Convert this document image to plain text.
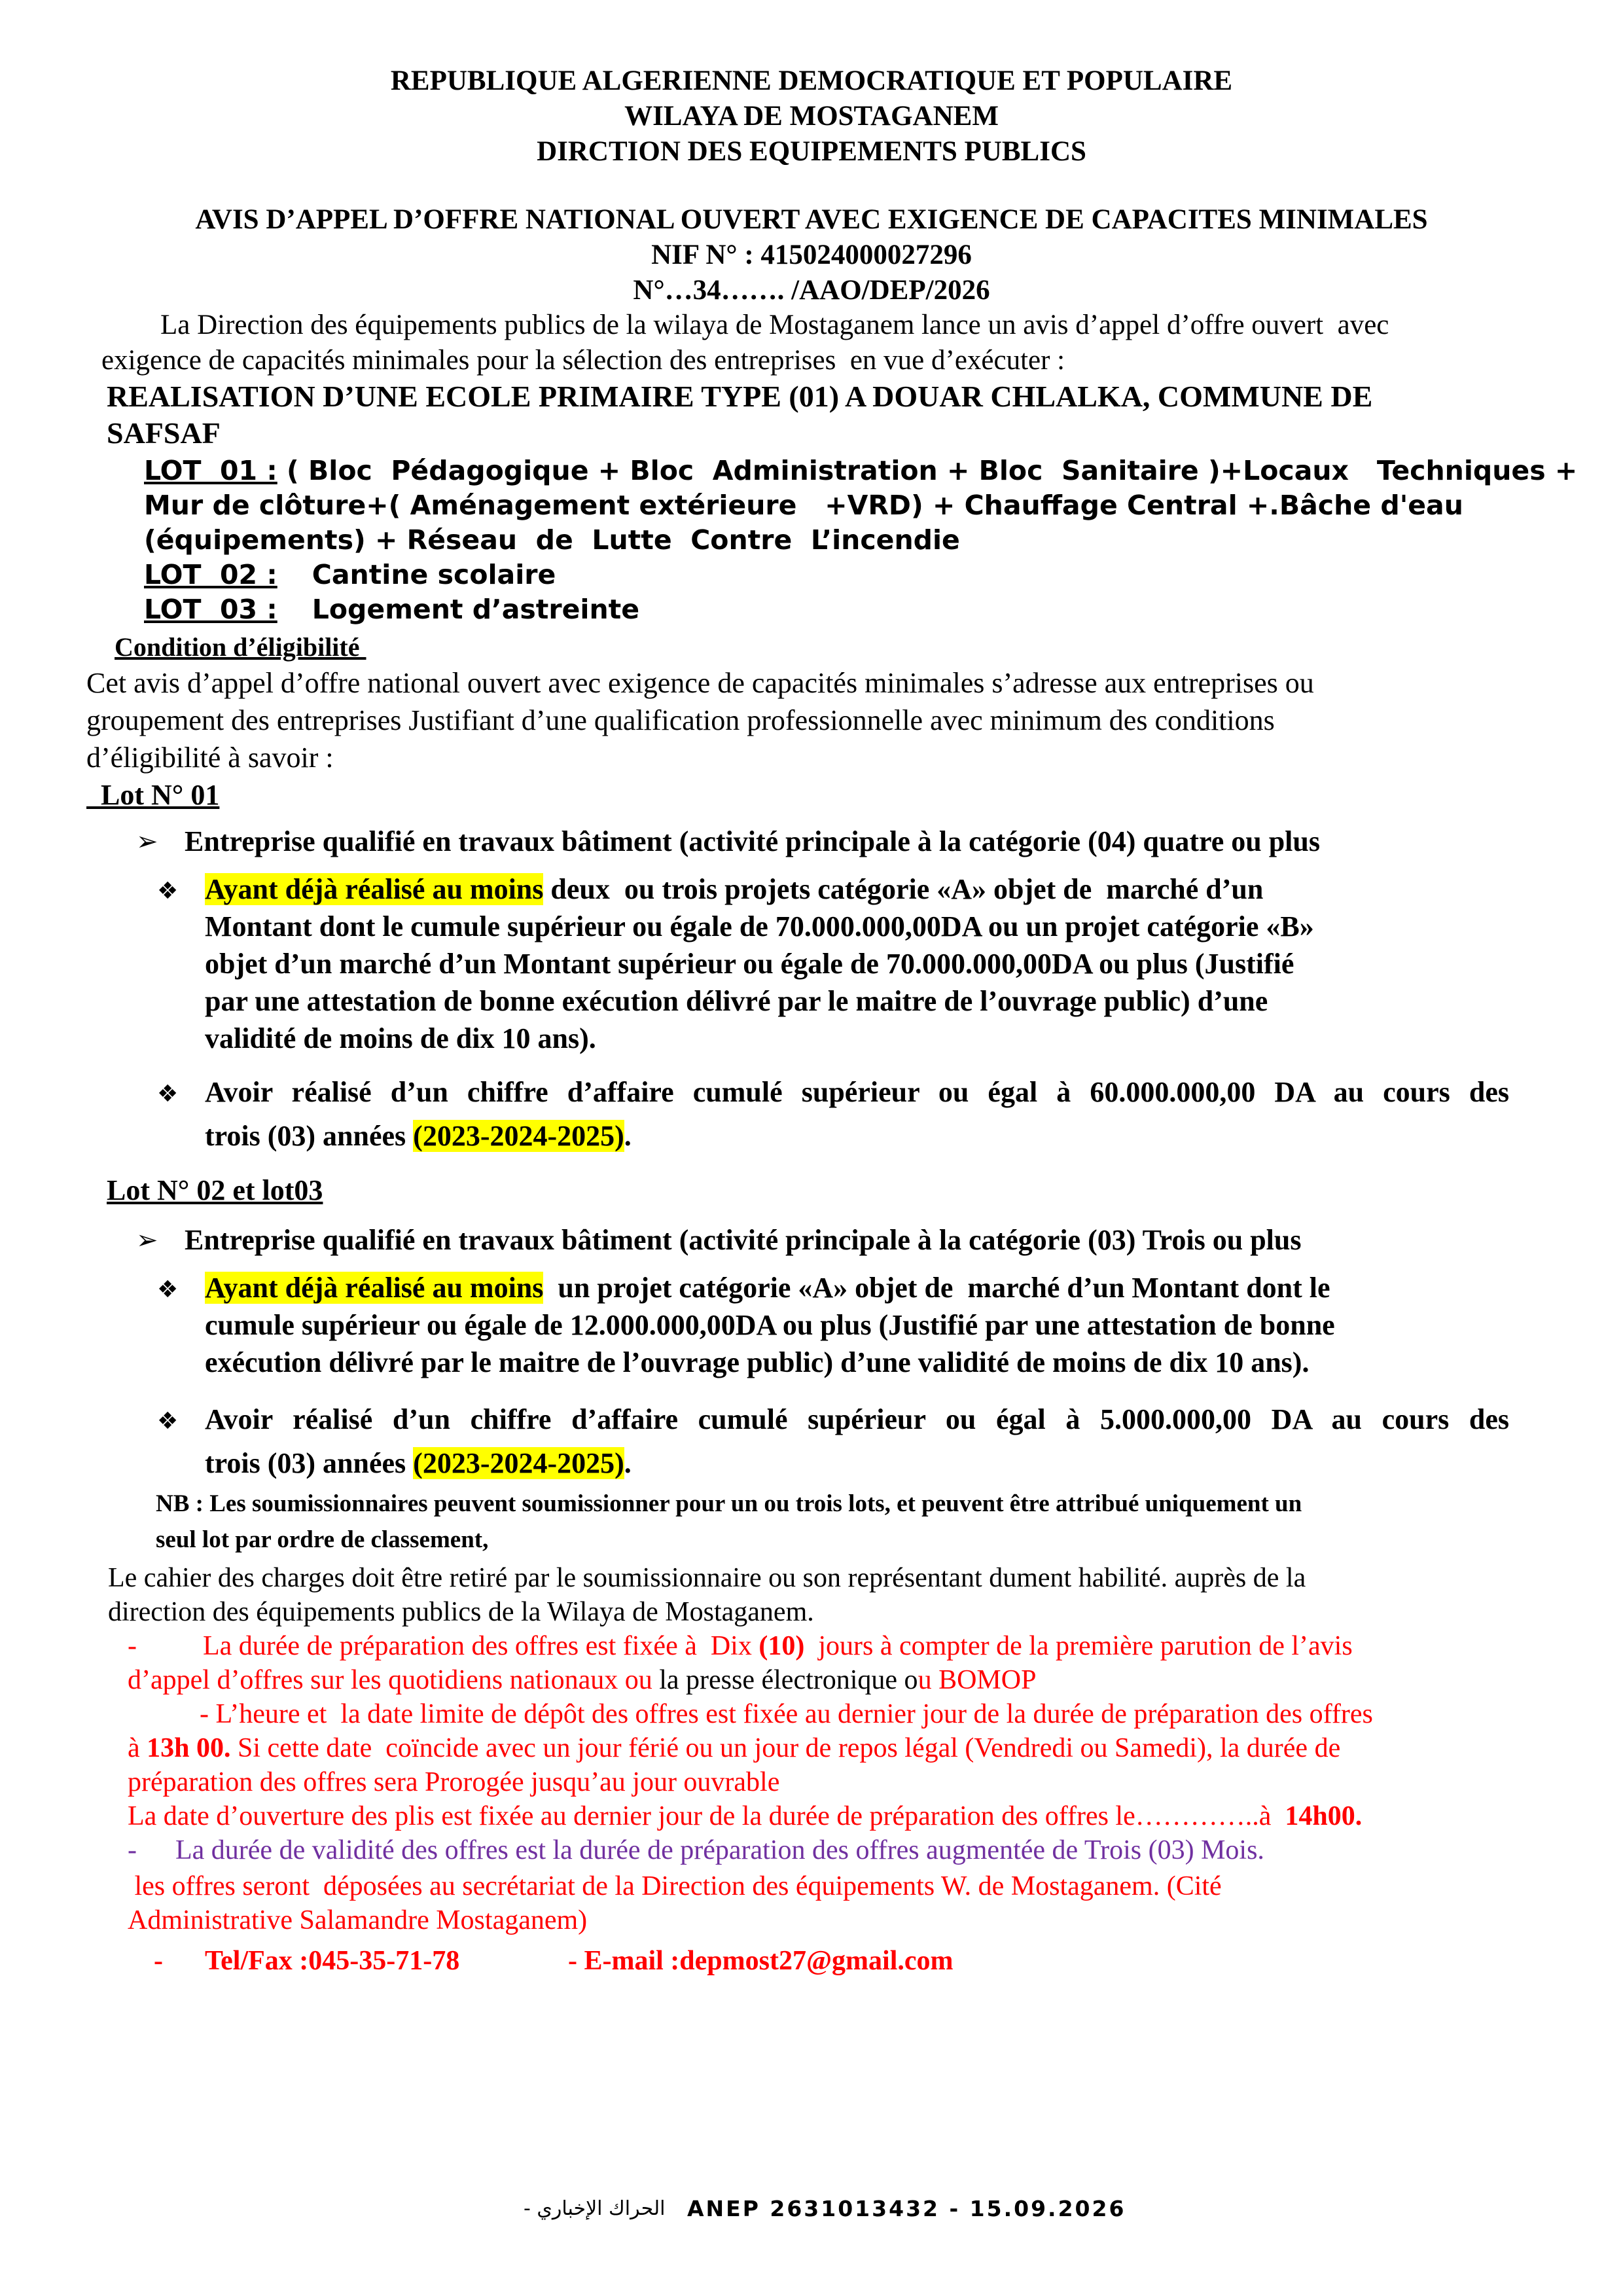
REPUBLIQUE ALGERIENNE DEMOCRATIQUE ET POPULAIRE
WILAYA DE MOSTAGANEM
DIRCTION DES EQUIPEMENTS PUBLICS
AVIS D’APPEL D’OFFRE NATIONAL OUVERT AVEC EXIGENCE DE CAPACITES MINIMALES
NIF N° : 415024000027296
N°…34……. /AAO/DEP/2026
La Direction des équipements publics de la wilaya de Mostaganem lance un avis d’appel d’offre ouvert  avec
exigence de capacités minimales pour la sélection des entreprises  en vue d’exécuter :
REALISATION D’UNE ECOLE PRIMAIRE TYPE (01) A DOUAR CHLALKA, COMMUNE DE
SAFSAF
LOT  01 : ( Bloc  Pédagogique + Bloc  Administration + Bloc  Sanitaire )+Locaux   Techniques +
Mur de clôture+( Aménagement extérieure   +VRD) + Chauffage Central +.Bâche d'eau
(équipements) + Réseau  de  Lutte  Contre  L’incendie
LOT  02 : Cantine scolaire
LOT  03 : Logement d’astreinte
Condition d’éligibilité
Cet avis d’appel d’offre national ouvert avec exigence de capacités minimales s’adresse aux entreprises ou
groupement des entreprises Justifiant d’une qualification professionnelle avec minimum des conditions
d’éligibilité à savoir :
Lot N° 01
➢ Entreprise qualifié en travaux bâtiment (activité principale à la catégorie (04) quatre ou plus
❖ Ayant déjà réalisé au moins deux  ou trois projets catégorie «A» objet de  marché d’un
Montant dont le cumule supérieur ou égale de 70.000.000,00DA ou un projet catégorie «B»
objet d’un marché d’un Montant supérieur ou égale de 70.000.000,00DA ou plus (Justifié
par une attestation de bonne exécution délivré par le maitre de l’ouvrage public) d’une
validité de moins de dix 10 ans).
❖ Avoir réalisé d’un chiffre d’affaire cumulé supérieur ou égal à 60.000.000,00 DA au cours des
trois (03) années (2023-2024-2025).
Lot N° 02 et lot03
➢ Entreprise qualifié en travaux bâtiment (activité principale à la catégorie (03) Trois ou plus
❖ Ayant déjà réalisé au moins  un projet catégorie «A» objet de  marché d’un Montant dont le
cumule supérieur ou égale de 12.000.000,00DA ou plus (Justifié par une attestation de bonne
exécution délivré par le maitre de l’ouvrage public) d’une validité de moins de dix 10 ans).
❖ Avoir réalisé d’un chiffre d’affaire cumulé supérieur ou égal à 5.000.000,00 DA au cours des
trois (03) années (2023-2024-2025).
NB : Les soumissionnaires peuvent soumissionner pour un ou trois lots, et peuvent être attribué uniquement un
seul lot par ordre de classement,
Le cahier des charges doit être retiré par le soumissionnaire ou son représentant dument habilité. auprès de la
direction des équipements publics de la Wilaya de Mostaganem.
- La durée de préparation des offres est fixée à  Dix (10)  jours à compter de la première parution de l’avis
d’appel d’offres sur les quotidiens nationaux ou la presse électronique ou BOMOP
- L’heure et  la date limite de dépôt des offres est fixée au dernier jour de la durée de préparation des offres
à 13h 00. Si cette date  coïncide avec un jour férié ou un jour de repos légal (Vendredi ou Samedi), la durée de
préparation des offres sera Prorogée jusqu’au jour ouvrable
La date d’ouverture des plis est fixée au dernier jour de la durée de préparation des offres le…………..à  14h00.
- La durée de validité des offres est la durée de préparation des offres augmentée de Trois (03) Mois.
les offres seront  déposées au secrétariat de la Direction des équipements W. de Mostaganem. (Cité
Administrative Salamandre Mostaganem)
- Tel/Fax :045-35-71-78	- E-mail :depmost27@gmail.com
الحراك الإخباري - ANEP 2631013432 - 15.09.2026
